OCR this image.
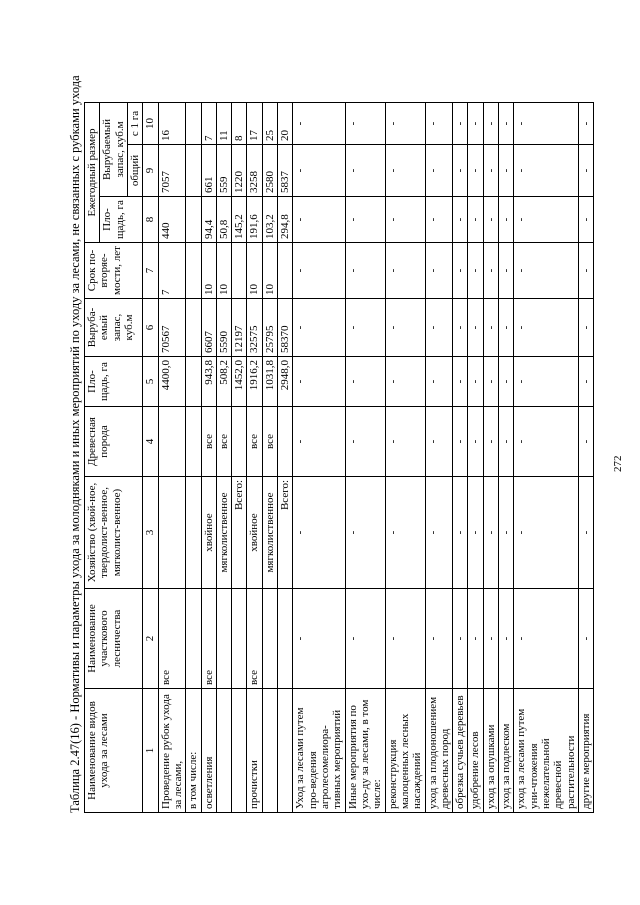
Таблица 2.47(16) - Нормативы и параметры ухода за молодняками и иных мероприятий по уходу за лесами, не связанных с рубками ухода Наименование видов ухода за лесами	Наименование участкового лесничества	Хозяйство (хвой-ное, твердолист-венное, мягколист-венное)	Древесная порода	Пло-щадь, га	Выруба-емый запас, куб.м	Срок по-вторяе-мости, лет	Ежегодный размер		
							Пло-щадь, га	Вырубаемый запас, куб.м	
								общий	с 1 га
1	2	3	4	5	6	7	8	9	10
Проведение рубок ухода за лесами,	все			4400,0	70567	7	440	7057	16
в том числе:									
осветления	все	хвойное	все	943,8	6607	10	94,4	661	7
		мягколиственное	все	508,2	5590	10	50,8	559	11
		Всего:		1452,0	12197		145,2	1220	8
прочистки	все	хвойное	все	1916,2	32575	10	191,6	3258	17
		мягколиственное	все	1031,8	25795	10	103,2	2580	25
		Всего:		2948,0	58370		294,8	5837	20
Уход за лесами путем про-ведения агролесомелиора-тивных мероприятий	-	-	-	-	-	-	-	-	-
Иные мероприятия по ухо-ду за лесами, в том числе:	-	-	-	-	-	-	-	-	-
реконструкция малоценных лесных насаждений	-	-	-	-	-	-	-	-	-
уход за плодоношением древесных пород	-	-	-	-	-	-	-	-	-
обрезка сучьев деревьев	-	-	-	-	-	-	-	-	-
удобрение лесов	-	-	-	-	-	-	-	-	-
уход за опушками	-	-	-	-	-	-	-	-	-
уход за подлеском	-	-	-	-	-	-	-	-	-
уход за лесами путем уни-чтожения нежелательной древесной растительности	-	-	-	-	-	-	-	-	-
другие мероприятия	-	-	-	-	-	-	-	-	-
272
